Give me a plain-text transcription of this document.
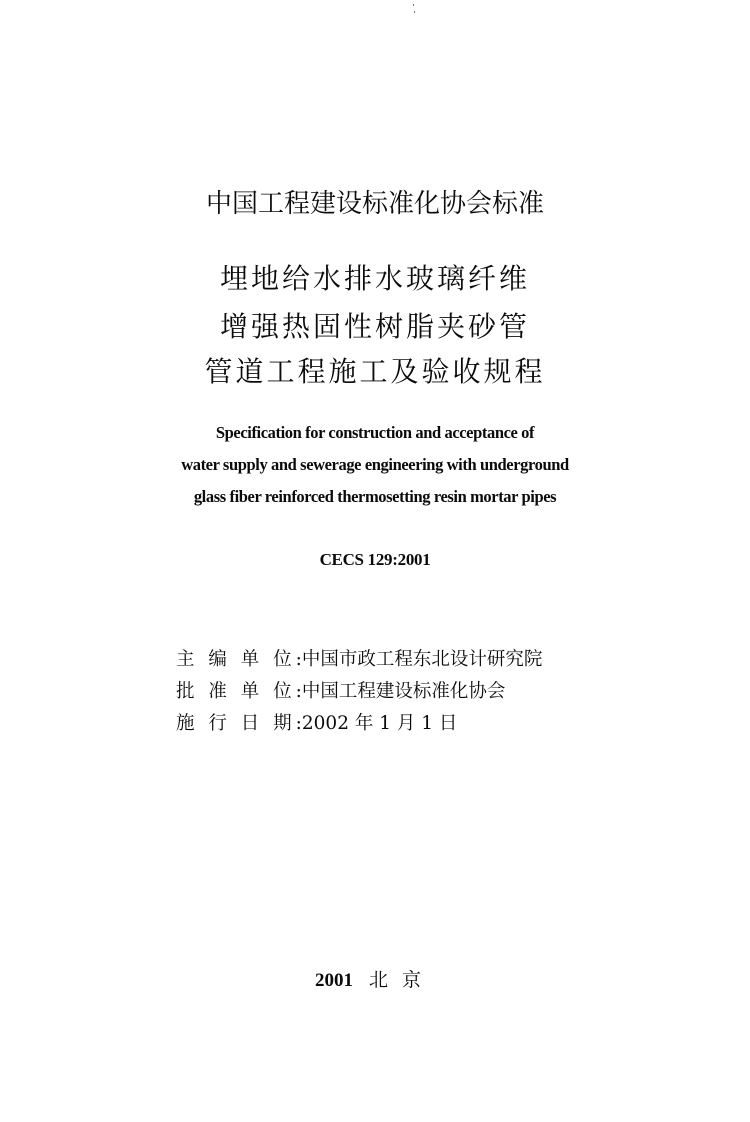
中国工程建设标准化协会标准
埋地给水排水玻璃纤维
增强热固性树脂夹砂管
管道工程施工及验收规程
Specification for construction and acceptance of
water supply and sewerage engineering with underground
glass fiber reinforced thermosetting resin mortar pipes
CECS 129:2001
主 编 单 位:中国市政工程东北设计研究院
批 准 单 位:中国工程建设标准化协会
施 行 日 期:2002 年 1 月 1 日
2001 北京
